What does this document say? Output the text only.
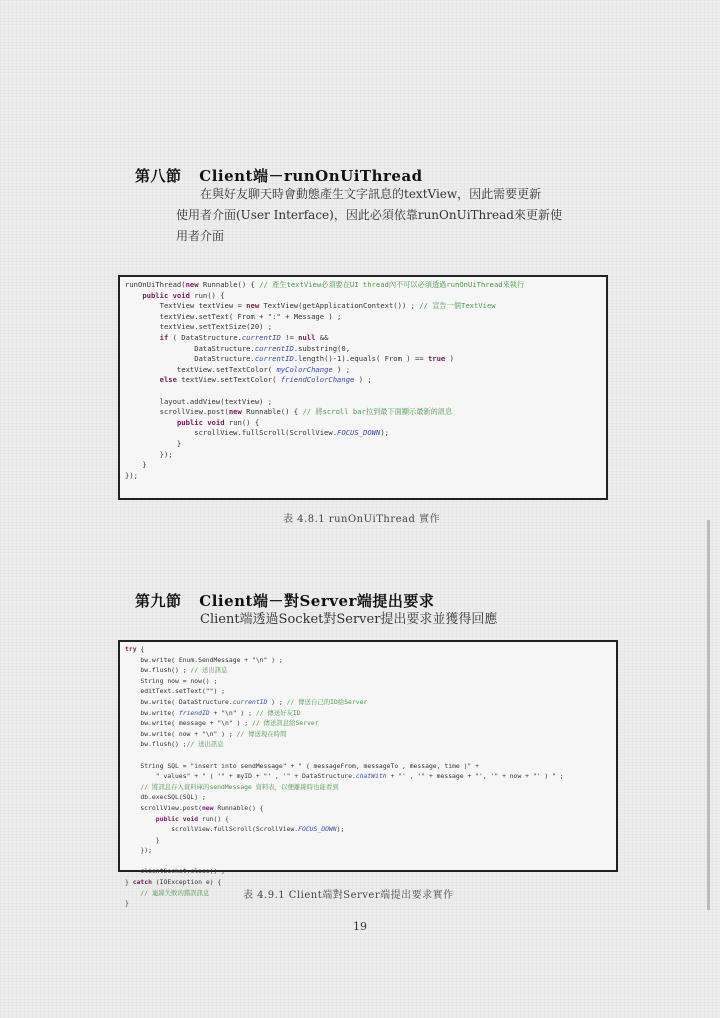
第八節 Client端－runOnUiThread
在與好友聊天時會動態產生文字訊息的textView，因此需要更新
使用者介面(User Interface)，因此必須依靠runOnUiThread來更新使
用者介面
runOnUiThread(new Runnable() { // 產生textView必須要在UI thread內不可以必須透過runOnUiThread來執行
public void run() {
TextView textView = new TextView(getApplicationContext()) ; // 宣告一個TextView
textView.setText( From + ":" + Message ) ;
textView.setTextSize(20) ;
if ( DataStructure.currentID != null &&
DataStructure.currentID.substring(0,
DataStructure.currentID.length()-1).equals( From ) == true )
textView.setTextColor( myColorChange ) ;
else textView.setTextColor( friendColorChange ) ;
layout.addView(textView) ;
scrollView.post(new Runnable() { // 將scroll bar拉到最下面顯示最新的訊息
public void run() {
scrollView.fullScroll(ScrollView.FOCUS_DOWN);
}
});
}
});
表 4.8.1 runOnUiThread 實作
第九節 Client端－對Server端提出要求
Client端透過Socket對Server提出要求並獲得回應
try {
bw.write( Enum.SendMessage + "\n" ) ;
bw.flush() ; // 送出訊息
String now = now() ;
editText.setText("") ;
bw.write( DataStructure.currentID ) ; // 傳送自己的ID給Server
bw.write( friendID + "\n" ) ; // 傳送好友ID
bw.write( message + "\n" ) ; // 傳送訊息給Server
bw.write( now + "\n" ) ; // 傳送現在時間
bw.flush() ;// 送出訊息
String SQL = "insert into sendMessage" + " ( messageFrom, messageTo , message, time )" +
" values" + " ( '" + myID + "' , '" + DataStructure.chatWith + "' , '" + message + "', '" + now + "' ) " ;
// 將訊息存入資料庫的sendMessage 資料表，以便離線時也能看到
db.execSQL(SQL) ;
scrollView.post(new Runnable() {
public void run() {
scrollView.fullScroll(ScrollView.FOCUS_DOWN);
}
});
clientSocket.close() ;
} catch (IOException e) {
// 連線失敗的錯誤訊息
}
表 4.9.1 Client端對Server端提出要求實作
19
